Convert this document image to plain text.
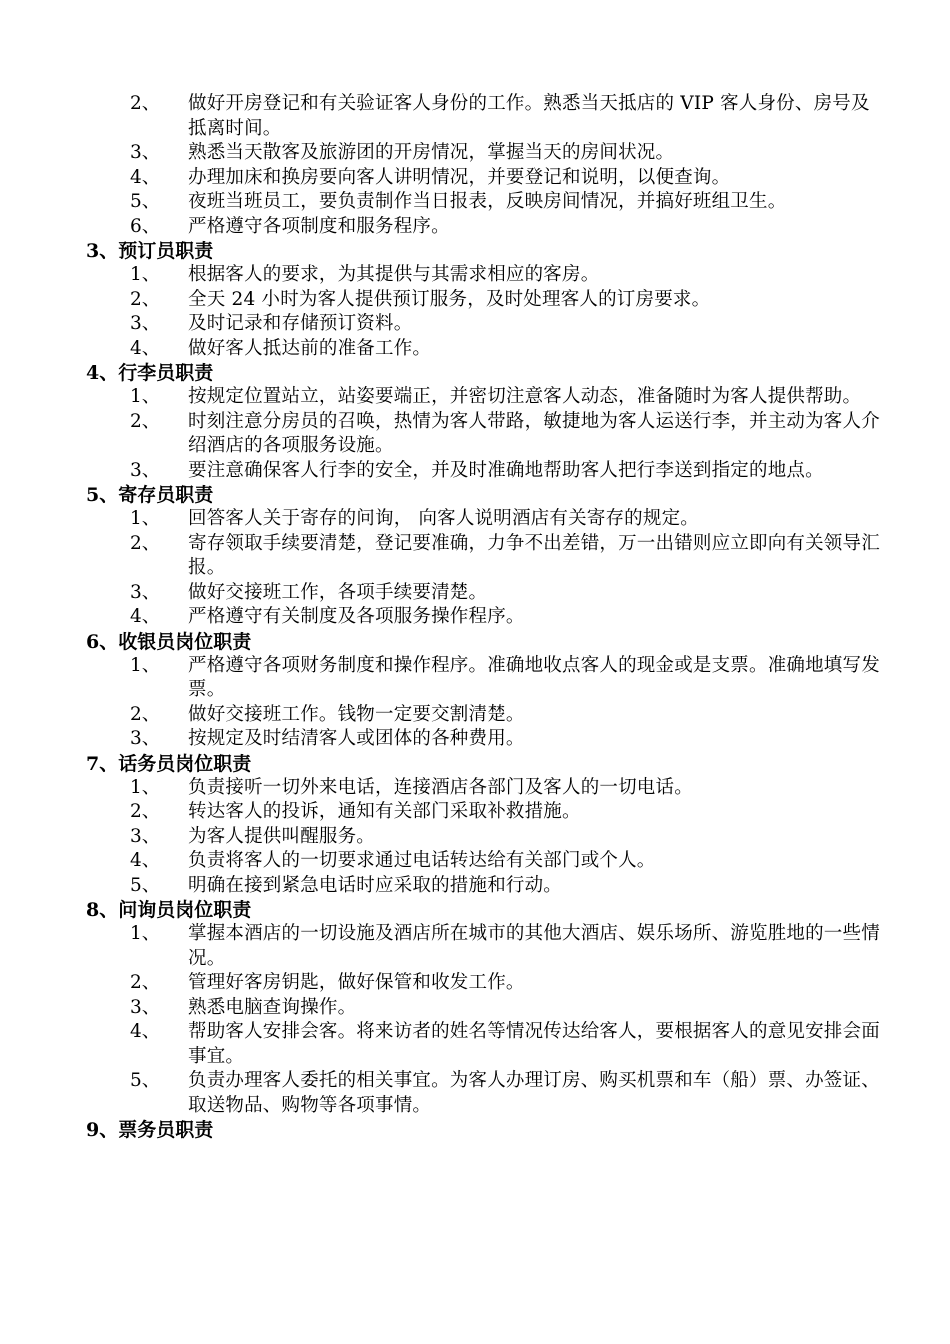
2、 做好开房登记和有关验证客人身份的工作。熟悉当天抵店的 VIP 客人身份、房号及抵离时间。
3、 熟悉当天散客及旅游团的开房情况，掌握当天的房间状况。
4、 办理加床和换房要向客人讲明情况，并要登记和说明，以便查询。
5、 夜班当班员工，要负责制作当日报表，反映房间情况，并搞好班组卫生。
6、 严格遵守各项制度和服务程序。
3、预订员职责
1、 根据客人的要求，为其提供与其需求相应的客房。
2、 全天 24 小时为客人提供预订服务，及时处理客人的订房要求。
3、 及时记录和存储预订资料。
4、 做好客人抵达前的准备工作。
4、行李员职责
1、 按规定位置站立，站姿要端正，并密切注意客人动态，准备随时为客人提供帮助。
2、 时刻注意分房员的召唤，热情为客人带路，敏捷地为客人运送行李，并主动为客人介绍酒店的各项服务设施。
3、 要注意确保客人行李的安全，并及时准确地帮助客人把行李送到指定的地点。
5、寄存员职责
1、 回答客人关于寄存的问询， 向客人说明酒店有关寄存的规定。
2、 寄存领取手续要清楚，登记要准确，力争不出差错，万一出错则应立即向有关领导汇报。
3、 做好交接班工作，各项手续要清楚。
4、 严格遵守有关制度及各项服务操作程序。
6、收银员岗位职责
1、 严格遵守各项财务制度和操作程序。准确地收点客人的现金或是支票。准确地填写发票。
2、 做好交接班工作。钱物一定要交割清楚。
3、 按规定及时结清客人或团体的各种费用。
7、话务员岗位职责
1、 负责接听一切外来电话，连接酒店各部门及客人的一切电话。
2、 转达客人的投诉，通知有关部门采取补救措施。
3、 为客人提供叫醒服务。
4、 负责将客人的一切要求通过电话转达给有关部门或个人。
5、 明确在接到紧急电话时应采取的措施和行动。
8、问询员岗位职责
1、 掌握本酒店的一切设施及酒店所在城市的其他大酒店、娱乐场所、游览胜地的一些情况。
2、 管理好客房钥匙，做好保管和收发工作。
3、 熟悉电脑查询操作。
4、 帮助客人安排会客。将来访者的姓名等情况传达给客人，要根据客人的意见安排会面事宜。
5、 负责办理客人委托的相关事宜。为客人办理订房、购买机票和车（船）票、办签证、取送物品、购物等各项事情。
9、票务员职责
